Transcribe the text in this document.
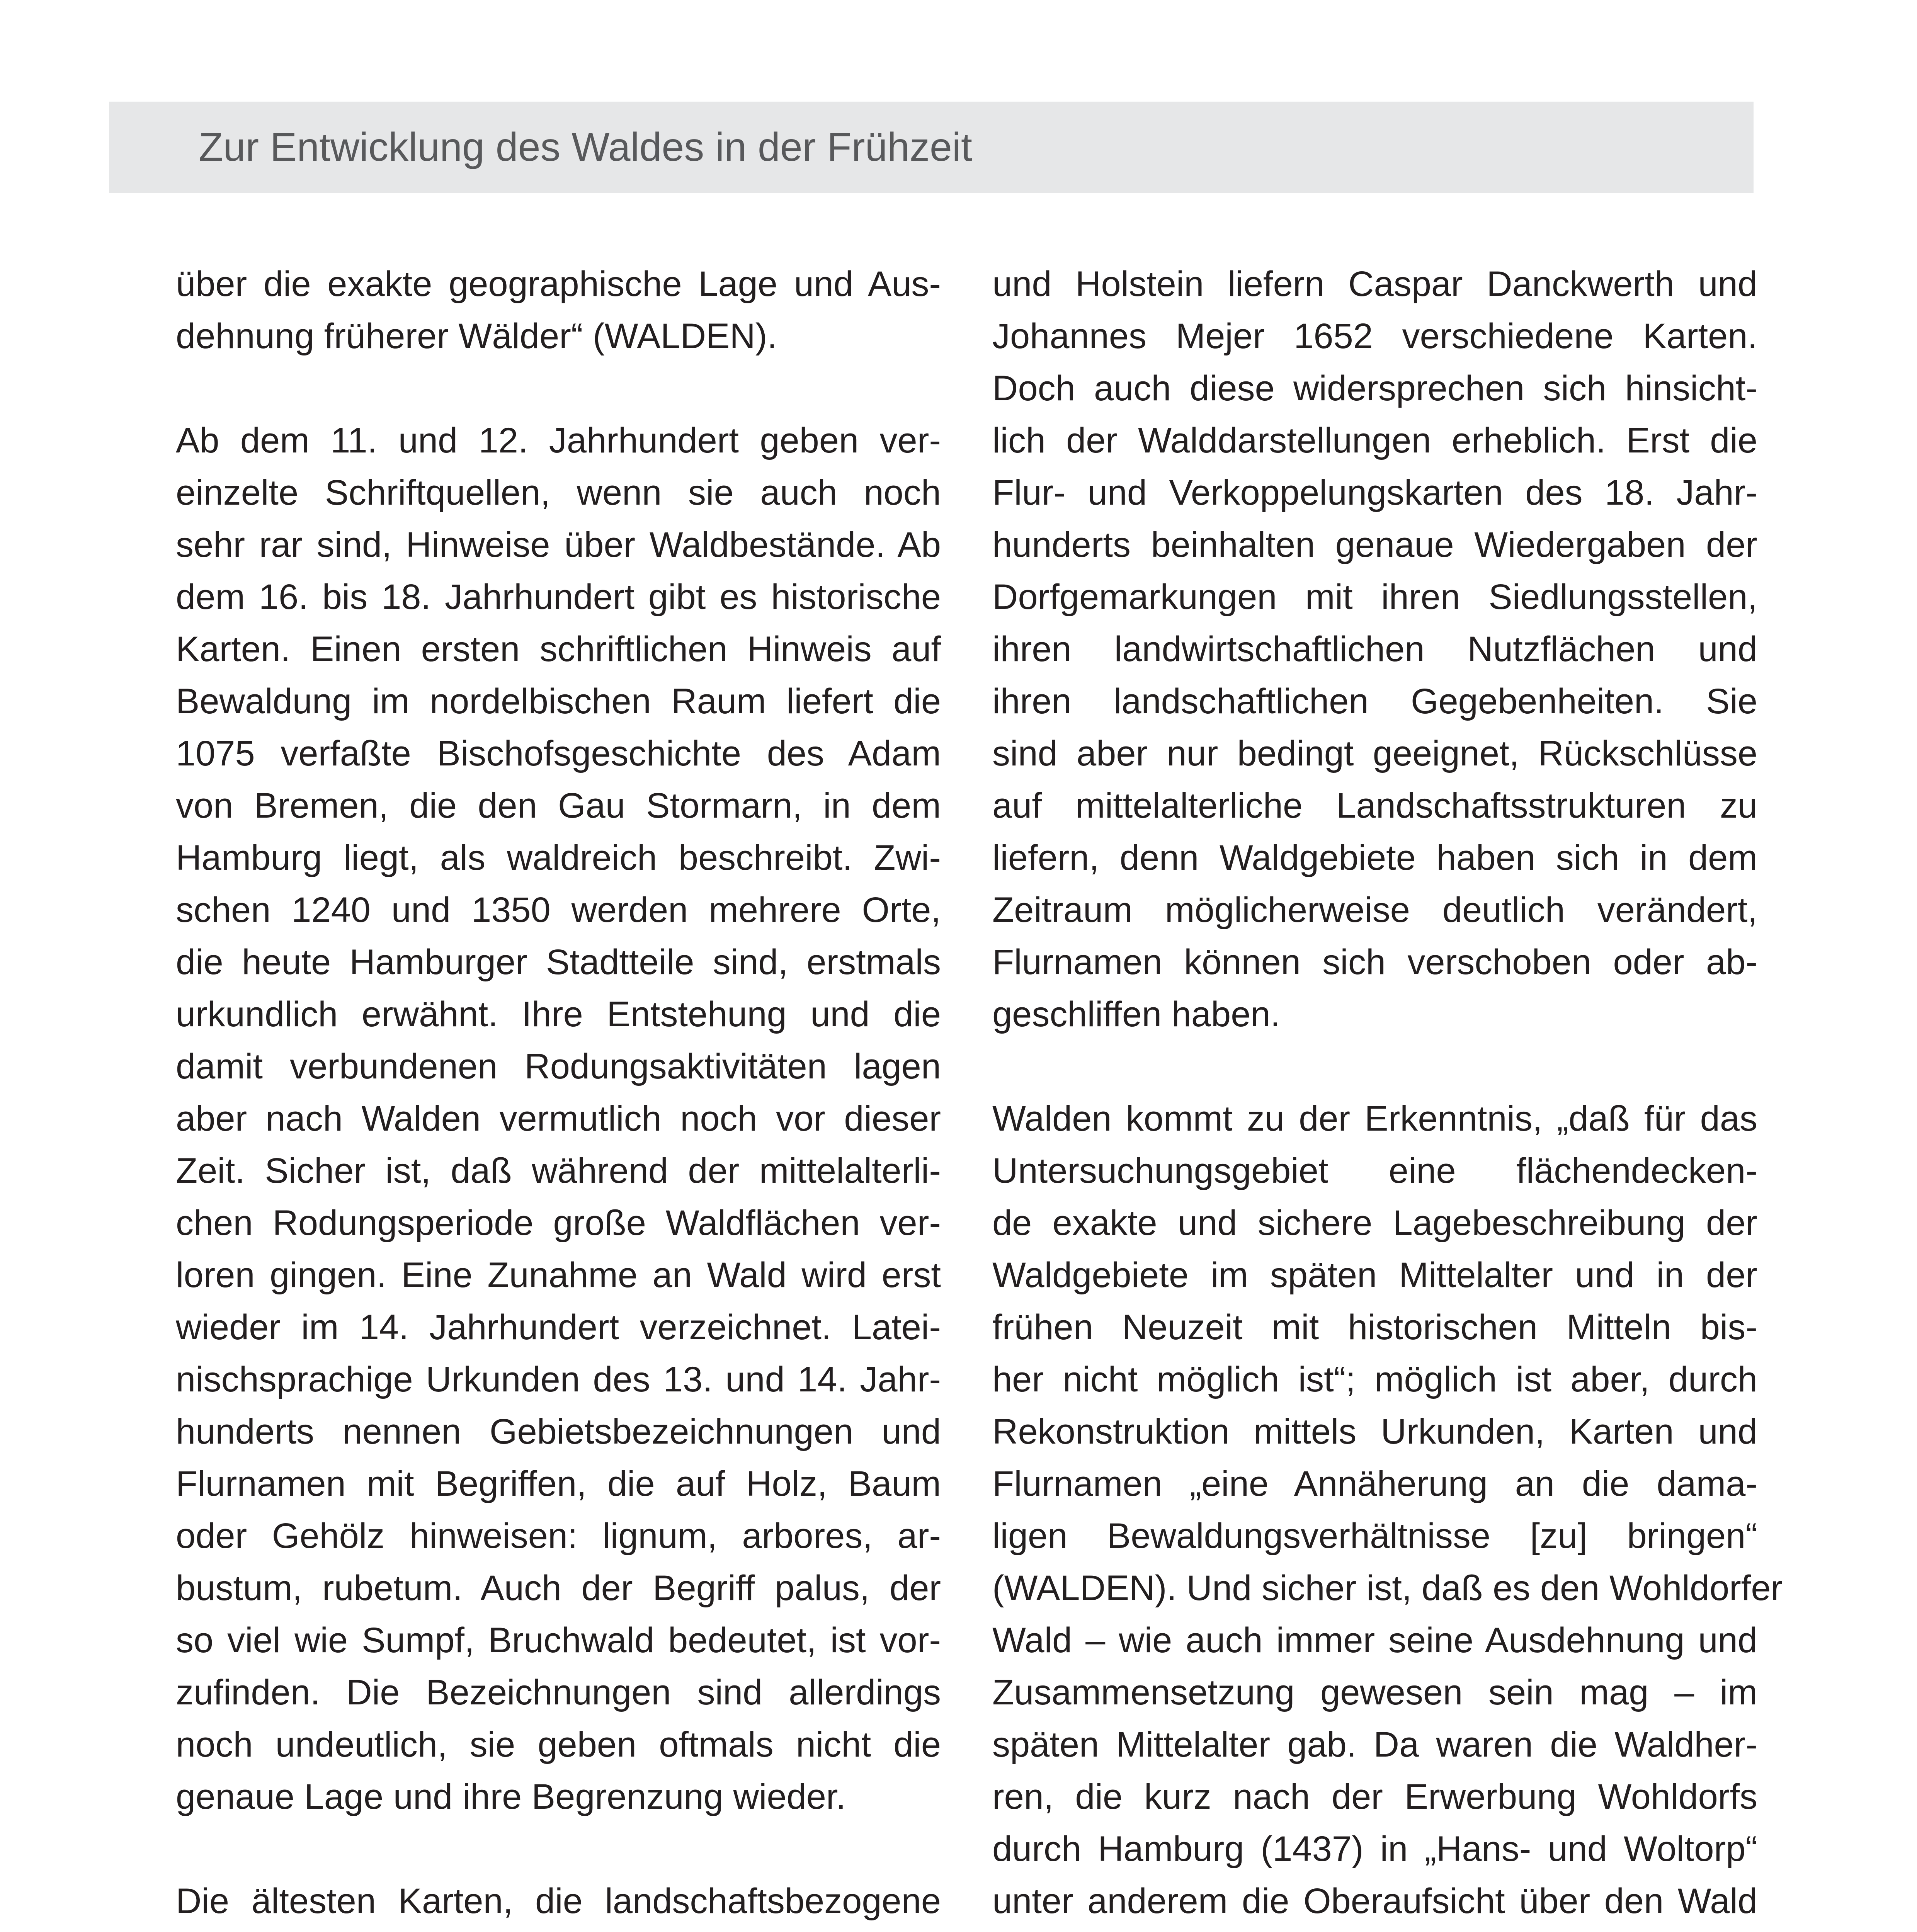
Zur Entwicklung des Waldes in der Frühzeit
über die exakte geographische Lage und Aus-
dehnung früherer Wälder“ (WALDEN).
Ab dem 11. und 12. Jahrhundert geben ver-
einzelte Schriftquellen, wenn sie auch noch
sehr rar sind, Hinweise über Waldbestände. Ab
dem 16. bis 18. Jahrhundert gibt es historische
Karten. Einen ersten schriftlichen Hinweis auf
Bewaldung im nordelbischen Raum liefert die
1075 verfaßte Bischofsgeschichte des Adam
von Bremen, die den Gau Stormarn, in dem
Hamburg liegt, als waldreich beschreibt. Zwi-
schen 1240 und 1350 werden mehrere Orte,
die heute Hamburger Stadtteile sind, erstmals
urkundlich erwähnt. Ihre Entstehung und die
damit verbundenen Rodungsaktivitäten lagen
aber nach Walden vermutlich noch vor dieser
Zeit. Sicher ist, daß während der mittelalterli-
chen Rodungsperiode große Waldflächen ver-
loren gingen. Eine Zunahme an Wald wird erst
wieder im 14. Jahrhundert verzeichnet. Latei-
nischsprachige Urkunden des 13. und 14. Jahr-
hunderts nennen Gebietsbezeichnungen und
Flurnamen mit Begriffen, die auf Holz, Baum
oder Gehölz hinweisen: lignum, arbores, ar-
bustum, rubetum. Auch der Begriff palus, der
so viel wie Sumpf, Bruchwald bedeutet, ist vor-
zufinden. Die Bezeichnungen sind allerdings
noch undeutlich, sie geben oftmals nicht die
genaue Lage und ihre Begrenzung wieder.
Die ältesten Karten, die landschaftsbezogene
und Holstein liefern Caspar Danckwerth und
Johannes Mejer 1652 verschiedene Karten.
Doch auch diese widersprechen sich hinsicht-
lich der Walddarstellungen erheblich. Erst die
Flur- und Verkoppelungskarten des 18. Jahr-
hunderts beinhalten genaue Wiedergaben der
Dorfgemarkungen mit ihren Siedlungsstellen,
ihren landwirtschaftlichen Nutzflächen und
ihren landschaftlichen Gegebenheiten. Sie
sind aber nur bedingt geeignet, Rückschlüsse
auf mittelalterliche Landschaftsstrukturen zu
liefern, denn Waldgebiete haben sich in dem
Zeitraum möglicherweise deutlich verändert,
Flurnamen können sich verschoben oder ab-
geschliffen haben.
Walden kommt zu der Erkenntnis, „daß für das
Untersuchungsgebiet eine flächendecken-
de exakte und sichere Lagebeschreibung der
Waldgebiete im späten Mittelalter und in der
frühen Neuzeit mit historischen Mitteln bis-
her nicht möglich ist“; möglich ist aber, durch
Rekonstruktion mittels Urkunden, Karten und
Flurnamen „eine Annäherung an die dama-
ligen Bewaldungsverhältnisse [zu] bringen“
(WALDEN). Und sicher ist, daß es den Wohldorfer
Wald – wie auch immer seine Ausdehnung und
Zusammensetzung gewesen sein mag – im
späten Mittelalter gab. Da waren die Waldher-
ren, die kurz nach der Erwerbung Wohldorfs
durch Hamburg (1437) in „Hans- und Woltorp“
unter anderem die Oberaufsicht über den Wald
